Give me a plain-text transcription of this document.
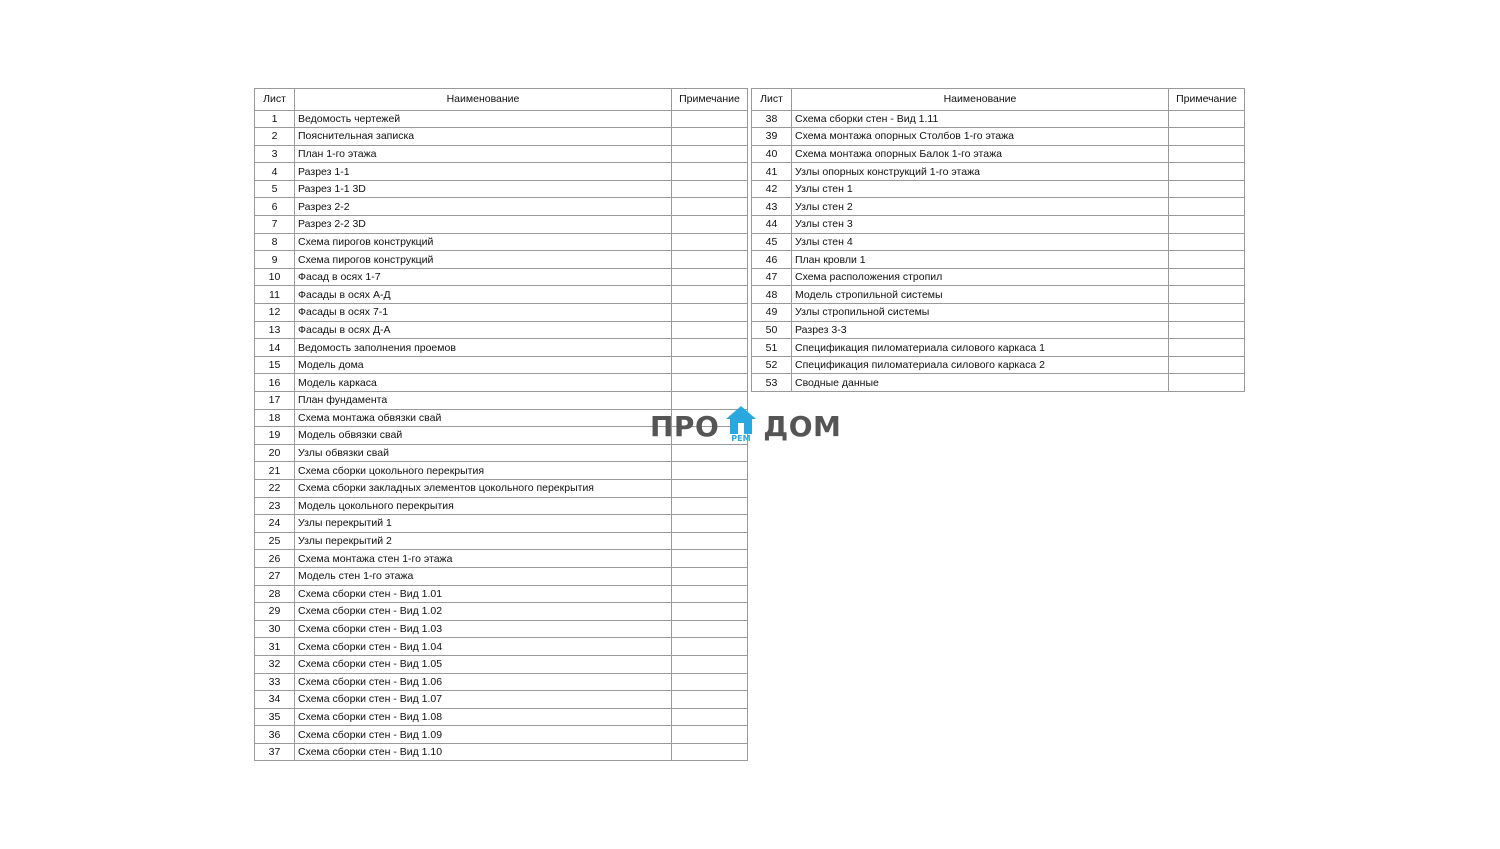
Лист	Наименование	Примечание
1	Ведомость чертежей	
2	Пояснительная записка	
3	План 1-го этажа	
4	Разрез 1-1	
5	Разрез 1-1 3D	
6	Разрез 2-2	
7	Разрез 2-2 3D	
8	Схема пирогов конструкций	
9	Схема пирогов конструкций	
10	Фасад в осях 1-7	
11	Фасады в осях А-Д	
12	Фасады в осях 7-1	
13	Фасады в осях Д-А	
14	Ведомость заполнения проемов	
15	Модель дома	
16	Модель каркаса	
17	План фундамента	
18	Схема монтажа обвязки свай	
19	Модель обвязки свай	
20	Узлы обвязки свай	
21	Схема сборки цокольного перекрытия	
22	Схема сборки закладных элементов цокольного перекрытия	
23	Модель цокольного перекрытия	
24	Узлы перекрытий 1	
25	Узлы перекрытий 2	
26	Схема монтажа стен 1-го этажа	
27	Модель стен 1-го этажа	
28	Схема сборки стен - Вид 1.01	
29	Схема сборки стен - Вид 1.02	
30	Схема сборки стен - Вид 1.03	
31	Схема сборки стен - Вид 1.04	
32	Схема сборки стен - Вид 1.05	
33	Схема сборки стен - Вид 1.06	
34	Схема сборки стен - Вид 1.07	
35	Схема сборки стен - Вид 1.08	
36	Схема сборки стен - Вид 1.09	
37	Схема сборки стен - Вид 1.10	
Лист	Наименование	Примечание
38	Схема сборки стен - Вид 1.11	
39	Схема монтажа опорных Столбов 1-го этажа	
40	Схема монтажа опорных Балок 1-го этажа	
41	Узлы опорных конструкций 1-го этажа	
42	Узлы стен 1	
43	Узлы стен 2	
44	Узлы стен 3	
45	Узлы стен 4	
46	План кровли 1	
47	Схема расположения стропил	
48	Модель стропильной системы	
49	Узлы стропильной системы	
50	Разрез 3-3	
51	Спецификация пиломатериала силового каркаса 1	
52	Спецификация пиломатериала силового каркаса 2	
53	Сводные данные	
ПРО РЕМ ДОМ
